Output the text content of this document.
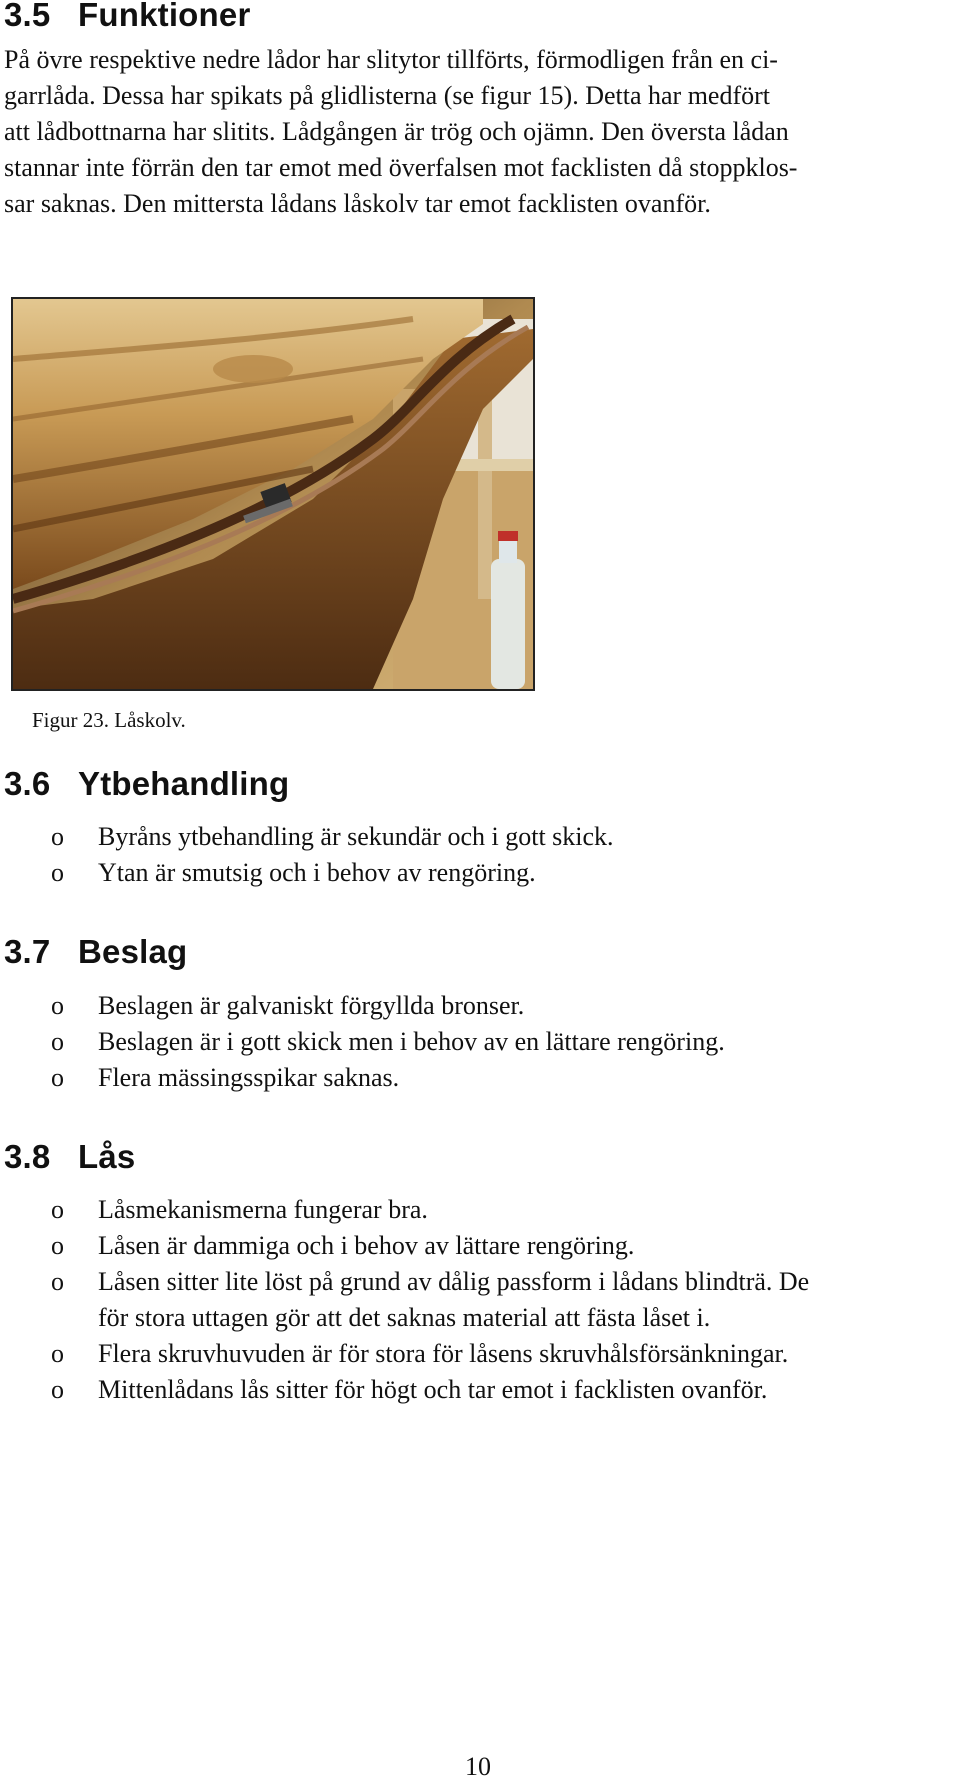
3.5 Funktioner

På övre respektive nedre lådor har slitytor tillförts, förmodligen från en ci-
garrlåda. Dessa har spikats på glidlisterna (se figur 15). Detta har medfört
att lådbottnarna har slitits. Lådgången är trög och ojämn. Den översta lådan
stannar inte förrän den tar emot med överfalsen mot facklisten då stoppklos-
sar saknas. Den mittersta lådans låskolv tar emot facklisten ovanför.

Figur 23. Låskolv.

3.6 Ytbehandling
o Byråns ytbehandling är sekundär och i gott skick.
o Ytan är smutsig och i behov av rengöring.
3.7 Beslag
o Beslagen är galvaniskt förgyllda bronser.
o Beslagen är i gott skick men i behov av en lättare rengöring.
o Flera mässingsspikar saknas.
3.8 Lås
o Låsmekanismerna fungerar bra.
o Låsen är dammiga och i behov av lättare rengöring.
o Låsen sitter lite löst på grund av dålig passform i lådans blindträ. De
för stora uttagen gör att det saknas material att fästa låset i.
o Flera skruvhuvuden är för stora för låsens skruvhålsförsänkningar.
o Mittenlådans lås sitter för högt och tar emot i facklisten ovanför.

10
